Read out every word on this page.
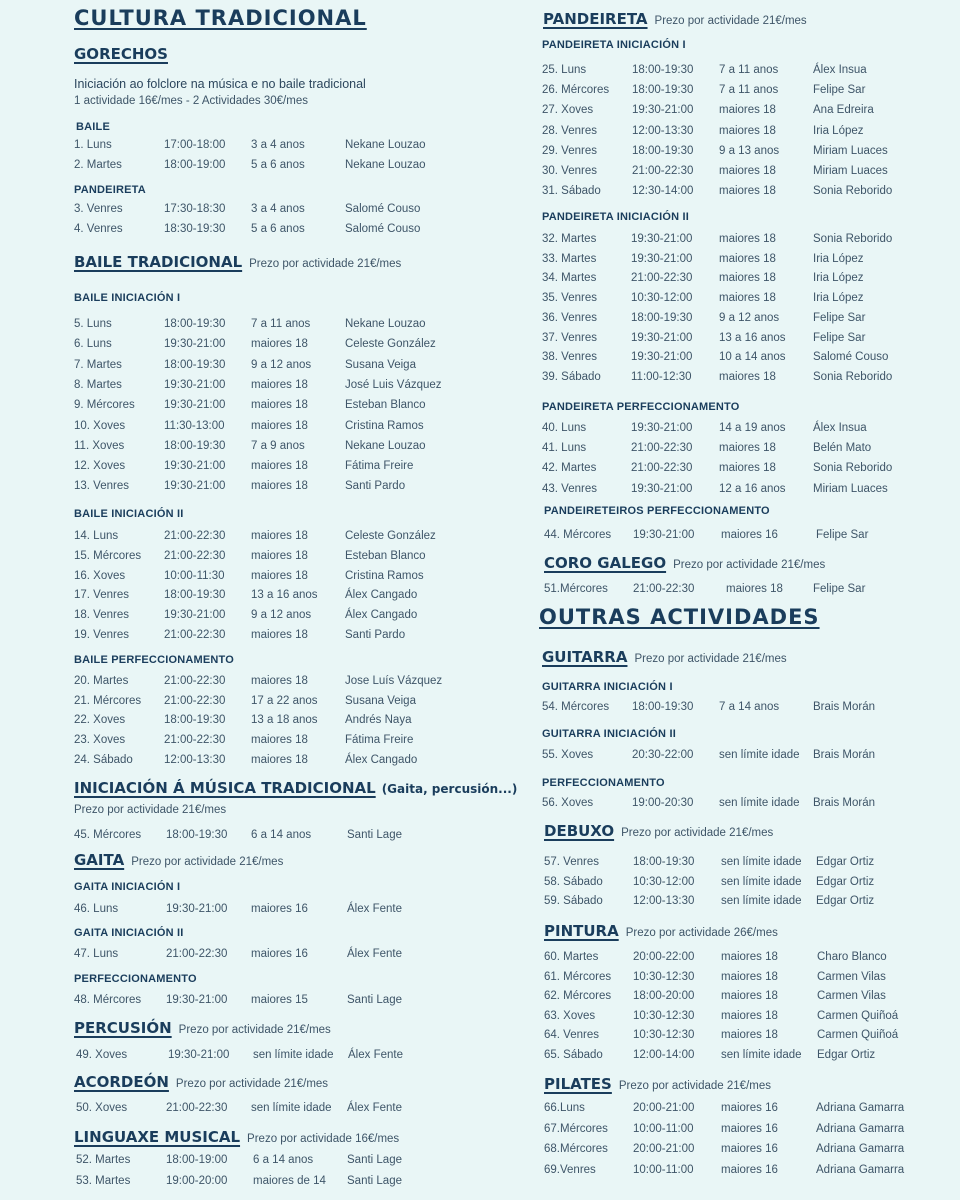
CULTURA TRADICIONAL
GORECHOS
Iniciación ao folclore na música e no baile tradicional
1 actividade 16€/mes - 2 Actividades 30€/mes
BAILE
1. Luns	17:00-18:00 3 a 4 anos	Nekane Louzao
2. Martes	18:00-19:00 5 a 6 anos	Nekane Louzao
PANDEIRETA
3. Venres	17:30-18:30 3 a 4 anos	Salomé Couso
4. Venres	18:30-19:30 5 a 6 anos	Salomé Couso
BAILE TRADICIONAL Prezo por actividade 21€/mes
BAILE INICIACIÓN I
5. Luns	18:00-19:30 7 a 11 anos	Nekane Louzao
6. Luns	19:30-21:00 maiores 18	Celeste González
7. Martes	18:00-19:30 9 a 12 anos	Susana Veiga
8. Martes	19:30-21:00 maiores 18	José Luis Vázquez
9. Mércores	19:30-21:00 maiores 18	Esteban Blanco
10. Xoves	11:30-13:00 maiores 18	Cristina Ramos
11. Xoves	18:00-19:30 7 a 9 anos	Nekane Louzao
12. Xoves	19:30-21:00 maiores 18	Fátima Freire
13. Venres	19:30-21:00 maiores 18	Santi Pardo
BAILE INICIACIÓN II
14. Luns	21:00-22:30 maiores 18	Celeste González
15. Mércores 21:00-22:30 maiores 18	Esteban Blanco
16. Xoves	10:00-11:30 maiores 18	Cristina Ramos
17. Venres	18:00-19:30 13 a 16 anos Álex Cangado
18. Venres	19:30-21:00 9 a 12 anos	Álex Cangado
19. Venres	21:00-22:30 maiores 18	Santi Pardo
BAILE PERFECCIONAMENTO
20. Martes	21:00-22:30 maiores 18	Jose Luís Vázquez
21. Mércores 21:00-22:30 17 a 22 anos Susana Veiga
22. Xoves	18:00-19:30 13 a 18 anos Andrés Naya
23. Xoves	21:00-22:30 maiores 18	Fátima Freire
24. Sábado	12:00-13:30 maiores 18	Álex Cangado
INICIACIÓN Á MÚSICA TRADICIONAL (Gaita, percusión...)
Prezo por actividade 21€/mes
45. Mércores 18:00-19:30 6 a 14 anos	Santi Lage
GAITA Prezo por actividade 21€/mes
GAITA INICIACIÓN I
46. Luns	19:30-21:00 maiores 16	Álex Fente
GAITA INICIACIÓN II
47. Luns	21:00-22:30 maiores 16	Álex Fente
PERFECCIONAMENTO
48. Mércores 19:30-21:00 maiores 15	Santi Lage
PERCUSIÓN Prezo por actividade 21€/mes
49. Xoves	19:30-21:00 sen límite idade Álex Fente
ACORDEÓN Prezo por actividade 21€/mes
50. Xoves	21:00-22:30 sen límite idade Álex Fente
LINGUAXE MUSICAL Prezo por actividade 16€/mes
52. Martes	18:00-19:00 6 a 14 anos	Santi Lage
53. Martes	19:00-20:00 maiores de 14 Santi Lage
PANDEIRETA Prezo por actividade 21€/mes
PANDEIRETA INICIACIÓN I
25. Luns	18:00-19:30 7 a 11 anos	Álex Insua
26. Mércores 18:00-19:30 7 a 11 anos	Felipe Sar
27. Xoves	19:30-21:00 maiores 18	Ana Edreira
28. Venres	12:00-13:30 maiores 18	Iria López
29. Venres	18:00-19:30 9 a 13 anos	Miriam Luaces
30. Venres	21:00-22:30 maiores 18	Miriam Luaces
31. Sábado	12:30-14:00 maiores 18	Sonia Reborido
PANDEIRETA INICIACIÓN II
32. Martes	19:30-21:00 maiores 18	Sonia Reborido
33. Martes	19:30-21:00 maiores 18	Iria López
34. Martes	21:00-22:30 maiores 18	Iria López
35. Venres	10:30-12:00 maiores 18	Iria López
36. Venres	18:00-19:30 9 a 12 anos	Felipe Sar
37. Venres	19:30-21:00 13 a 16 anos Felipe Sar
38. Venres	19:30-21:00 10 a 14 anos Salomé Couso
39. Sábado	11:00-12:30 maiores 18	Sonia Reborido
PANDEIRETA PERFECCIONAMENTO
40. Luns	19:30-21:00 14 a 19 anos Álex Insua
41. Luns	21:00-22:30 maiores 18	Belén Mato
42. Martes	21:00-22:30 maiores 18	Sonia Reborido
43. Venres	19:30-21:00 12 a 16 anos Miriam Luaces
PANDEIRETEIROS PERFECCIONAMENTO
44. Mércores 19:30-21:00 maiores 16	Felipe Sar
CORO GALEGO Prezo por actividade 21€/mes
51.Mércores 21:00-22:30	maiores 18	Felipe Sar
OUTRAS ACTIVIDADES
GUITARRA Prezo por actividade 21€/mes
GUITARRA INICIACIÓN I
54. Mércores 18:00-19:30 7 a 14 anos	Brais Morán
GUITARRA INICIACIÓN II
55. Xoves	20:30-22:00 sen límite idade Brais Morán
PERFECCIONAMENTO
56. Xoves	19:00-20:30 sen límite idade Brais Morán
DEBUXO Prezo por actividade 21€/mes
57. Venres	18:00-19:30 sen límite idade Edgar Ortiz
58. Sábado	10:30-12:00 sen límite idade Edgar Ortiz
59. Sábado	12:00-13:30 sen límite idade Edgar Ortiz
PINTURA Prezo por actividade 26€/mes
60. Martes	20:00-22:00 maiores 18	Charo Blanco
61. Mércores 10:30-12:30 maiores 18	Carmen Vilas
62. Mércores 18:00-20:00 maiores 18	Carmen Vilas
63. Xoves	10:30-12:30 maiores 18	Carmen Quiñoá
64. Venres	10:30-12:30 maiores 18	Carmen Quiñoá
65. Sábado	12:00-14:00 sen límite idade Edgar Ortiz
PILATES Prezo por actividade 21€/mes
66.Luns	20:00-21:00 maiores 16	Adriana Gamarra
67.Mércores 10:00-11:00 maiores 16	Adriana Gamarra
68.Mércores 20:00-21:00 maiores 16	Adriana Gamarra
69.Venres	10:00-11:00 maiores 16	Adriana Gamarra
